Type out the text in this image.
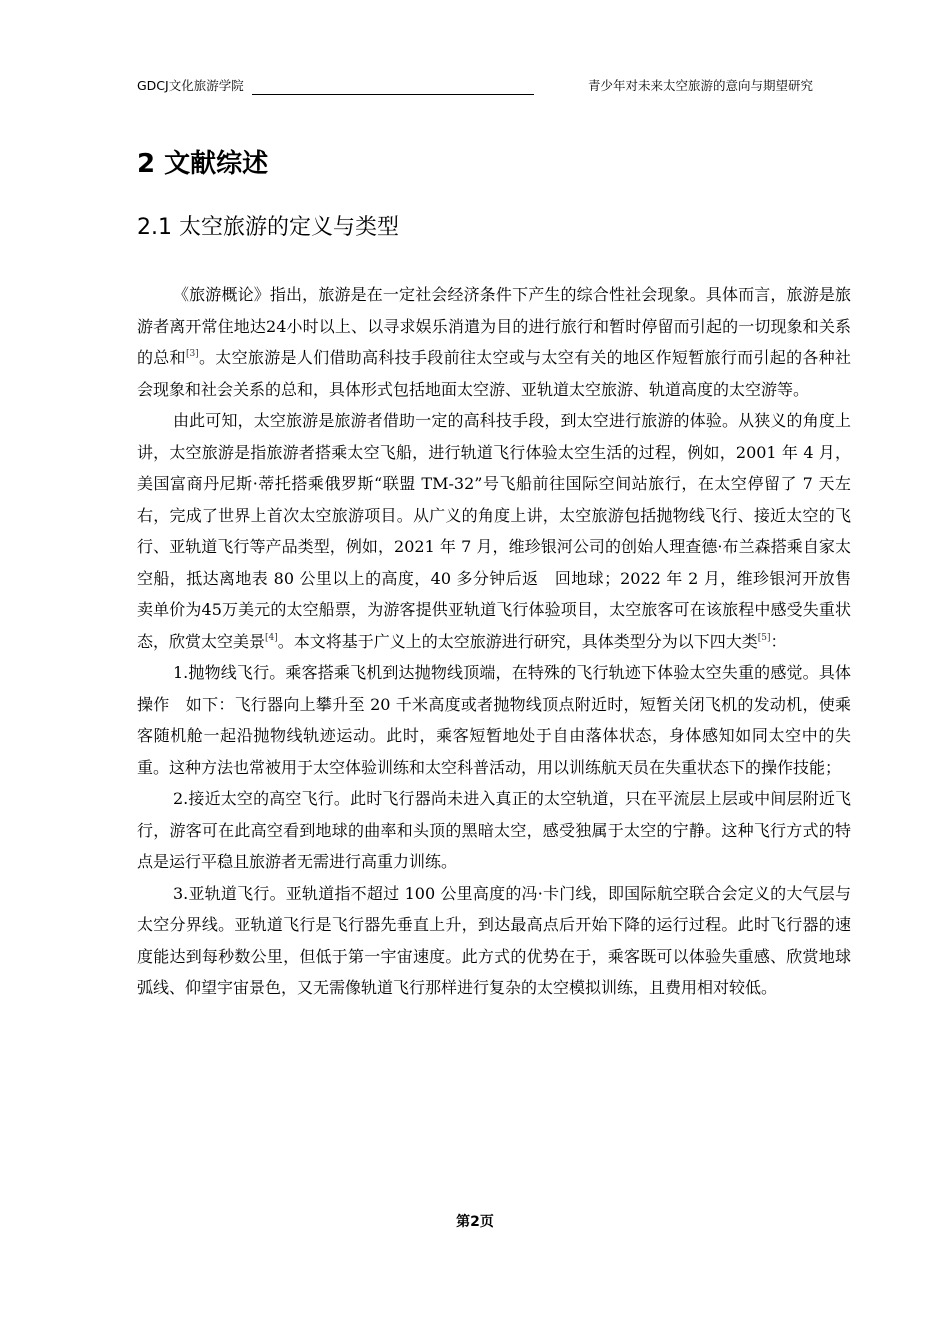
GDCJ文化旅游学院	青少年对未来太空旅游的意向与期望研究
2 文献综述
2.1 太空旅游的定义与类型

《旅游概论》指出，旅游是在一定社会经济条件下产生的综合性社会现象。具体而言，旅游是旅游者离开常住地达24小时以上、以寻求娱乐消遣为目的进行旅行和暂时停留而引起的一切现象和关系的总和[3]。太空旅游是人们借助高科技手段前往太空或与太空有关的地区作短暂旅行而引起的各种社会现象和社会关系的总和，具体形式包括地面太空游、亚轨道太空旅游、轨道高度的太空游等。

由此可知，太空旅游是旅游者借助一定的高科技手段，到太空进行旅游的体验。从狭义的角度上讲，太空旅游是指旅游者搭乘太空飞船，进行轨道飞行体验太空生活的过程，例如，2001 年 4 月，美国富商丹尼斯·蒂托搭乘俄罗斯“联盟 TM-32”号飞船前往国际空间站旅行，在太空停留了 7 天左右，完成了世界上首次太空旅游项目。从广义的角度上讲，太空旅游包括抛物线飞行、接近太空的飞行、亚轨道飞行等产品类型，例如，2021 年 7 月，维珍银河公司的创始人理查德·布兰森搭乘自家太空船，抵达离地表 80 公里以上的高度，40 多分钟后返　回地球；2022 年 2 月，维珍银河开放售卖单价为45万美元的太空船票，为游客提供亚轨道飞行体验项目，太空旅客可在该旅程中感受失重状态，欣赏太空美景[4]。本文将基于广义上的太空旅游进行研究，具体类型分为以下四大类[5]：

1.抛物线飞行。乘客搭乘飞机到达抛物线顶端，在特殊的飞行轨迹下体验太空失重的感觉。具体操作　如下：飞行器向上攀升至 20 千米高度或者抛物线顶点附近时，短暂关闭飞机的发动机，使乘客随机舱一起沿抛物线轨迹运动。此时，乘客短暂地处于自由落体状态，身体感知如同太空中的失重。这种方法也常被用于太空体验训练和太空科普活动，用以训练航天员在失重状态下的操作技能；

2.接近太空的高空飞行。此时飞行器尚未进入真正的太空轨道，只在平流层上层或中间层附近飞行，游客可在此高空看到地球的曲率和头顶的黑暗太空，感受独属于太空的宁静。这种飞行方式的特点是运行平稳且旅游者无需进行高重力训练。

3.亚轨道飞行。亚轨道指不超过 100 公里高度的冯·卡门线，即国际航空联合会定义的大气层与太空分界线。亚轨道飞行是飞行器先垂直上升，到达最高点后开始下降的运行过程。此时飞行器的速度能达到每秒数公里，但低于第一宇宙速度。此方式的优势在于，乘客既可以体验失重感、欣赏地球弧线、仰望宇宙景色，又无需像轨道飞行那样进行复杂的太空模拟训练，且费用相对较低。

第2页
